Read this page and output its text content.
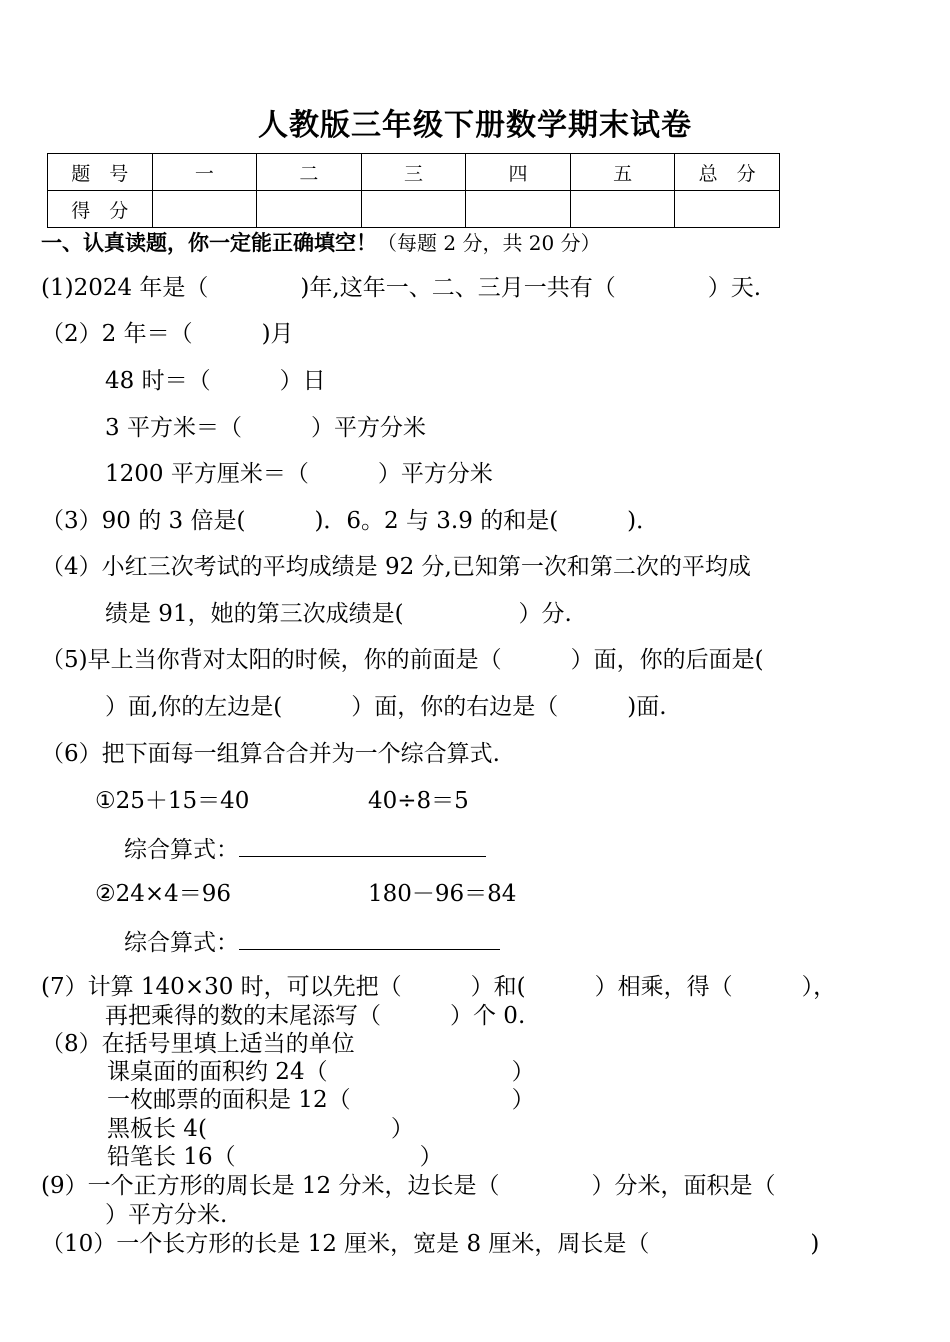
人教版三年级下册数学期末试卷
题　号	一	二	三	四	五	总　分
得　分						
一、认真读题，你一定能正确填空！（每题 2 分，共 20 分）
(1)2024 年是（　　　　)年,这年一、二、三月一共有（　　　　）天.
（2）2 年＝（　　　)月
48 时＝（　　　）日
3 平方米＝（　　　）平方分米
1200 平方厘米＝（　　　）平方分米
（3）90 的 3 倍是(　　　)．6。2 与 3.9 的和是(　　　)．
（4）小红三次考试的平均成绩是 92 分,已知第一次和第二次的平均成
绩是 91，她的第三次成绩是(　　　　　）分.
（5)早上当你背对太阳的时候，你的前面是（　　　）面，你的后面是(
）面,你的左边是(　　　）面，你的右边是（　　　)面.
（6）把下面每一组算合合并为一个综合算式.
①25＋15＝40	40÷8＝5
综合算式：
②24×4＝96	180－96＝84
综合算式：
(7）计算 140×30 时，可以先把（　　　）和(　　　）相乘，得（　　　），
再把乘得的数的末尾添写（　　　）个 0.
（8）在括号里填上适当的单位
课桌面的面积约 24（　　　　　　　　）
一枚邮票的面积是 12（　　　　　　　）
黑板长 4(　　　　　　　　）
铅笔长 16（　　　　　　　　）
(9）一个正方形的周长是 12 分米，边长是（　　　　）分米，面积是（
）平方分米.
（10）一个长方形的长是 12 厘米，宽是 8 厘米，周长是（　　　　　　　)
